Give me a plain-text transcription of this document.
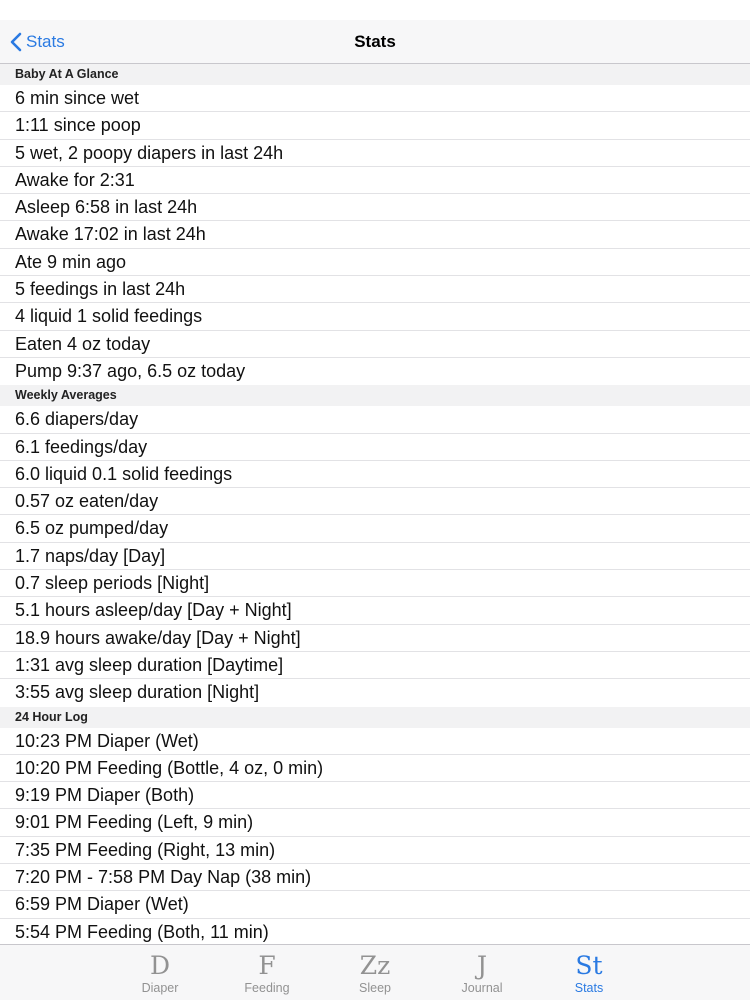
Stats	Stats
Baby At A Glance
6 min since wet
1:11 since poop
5 wet, 2 poopy diapers in last 24h
Awake for 2:31
Asleep 6:58 in last 24h
Awake 17:02 in last 24h
Ate 9 min ago
5 feedings in last 24h
4 liquid 1 solid feedings
Eaten 4 oz today
Pump 9:37 ago, 6.5 oz today
Weekly Averages
6.6 diapers/day
6.1 feedings/day
6.0 liquid 0.1 solid feedings
0.57 oz eaten/day
6.5 oz pumped/day
1.7 naps/day [Day]
0.7 sleep periods [Night]
5.1 hours asleep/day [Day + Night]
18.9 hours awake/day [Day + Night]
1:31 avg sleep duration [Daytime]
3:55 avg sleep duration [Night]
24 Hour Log
10:23 PM Diaper (Wet)
10:20 PM Feeding (Bottle, 4 oz, 0 min)
9:19 PM Diaper (Both)
9:01 PM Feeding (Left, 9 min)
7:35 PM Feeding (Right, 13 min)
7:20 PM - 7:58 PM Day Nap (38 min)
6:59 PM Diaper (Wet)
5:54 PM Feeding (Both, 11 min)
D
Diaper
F
Feeding
Zz
Sleep
J
Journal
St
Stats
